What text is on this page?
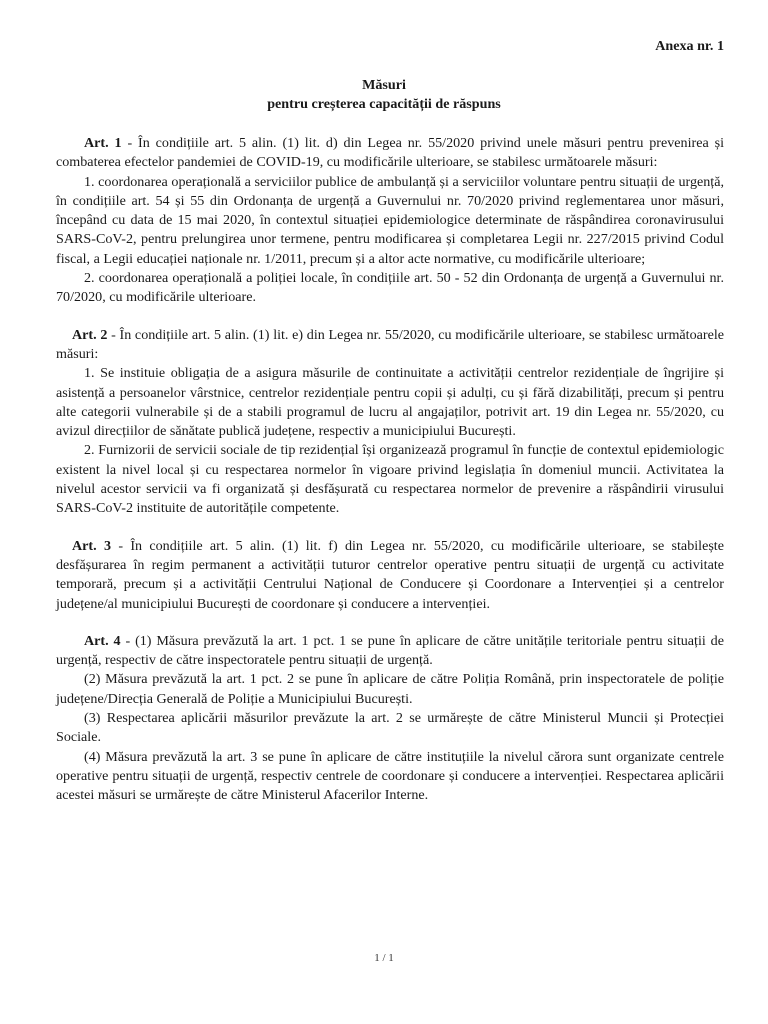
Anexa nr. 1
Măsuri
pentru creșterea capacității de răspuns

Art. 1 - În condițiile art. 5 alin. (1) lit. d) din Legea nr. 55/2020 privind unele măsuri pentru prevenirea și combaterea efectelor pandemiei de COVID-19, cu modificările ulterioare, se stabilesc următoarele măsuri:

1. coordonarea operațională a serviciilor publice de ambulanță și a serviciilor voluntare pentru situații de urgență, în condițiile art. 54 și 55 din Ordonanța de urgență a Guvernului nr. 70/2020 privind reglementarea unor măsuri, începând cu data de 15 mai 2020, în contextul situației epidemiologice determinate de răspândirea coronavirusului SARS-CoV-2, pentru prelungirea unor termene, pentru modificarea și completarea Legii nr. 227/2015 privind Codul fiscal, a Legii educației naționale nr. 1/2011, precum și a altor acte normative, cu modificările ulterioare;

2. coordonarea operațională a poliției locale, în condițiile art. 50 - 52 din Ordonanța de urgență a Guvernului nr. 70/2020, cu modificările ulterioare.

Art. 2 - În condițiile art. 5 alin. (1) lit. e) din Legea nr. 55/2020, cu modificările ulterioare, se stabilesc următoarele măsuri:

1. Se instituie obligația de a asigura măsurile de continuitate a activității centrelor rezidențiale de îngrijire și asistență a persoanelor vârstnice, centrelor rezidențiale pentru copii și adulți, cu și fără dizabilități, precum și pentru alte categorii vulnerabile și de a stabili programul de lucru al angajaților, potrivit art. 19 din Legea nr. 55/2020, cu avizul direcțiilor de sănătate publică județene, respectiv a municipiului București.

2. Furnizorii de servicii sociale de tip rezidențial își organizează programul în funcție de contextul epidemiologic existent la nivel local și cu respectarea normelor în vigoare privind legislația în domeniul muncii. Activitatea la nivelul acestor servicii va fi organizată și desfășurată cu respectarea normelor de prevenire a răspândirii virusului SARS-CoV-2 instituite de autoritățile competente.

Art. 3 - În condițiile art. 5 alin. (1) lit. f) din Legea nr. 55/2020, cu modificările ulterioare, se stabilește desfășurarea în regim permanent a activității tuturor centrelor operative pentru situații de urgență cu activitate temporară, precum și a activității Centrului Național de Conducere și Coordonare a Intervenției și a centrelor județene/al municipiului București de coordonare și conducere a intervenției.

Art. 4 - (1) Măsura prevăzută la art. 1 pct. 1 se pune în aplicare de către unitățile teritoriale pentru situații de urgență, respectiv de către inspectoratele pentru situații de urgență.

(2) Măsura prevăzută la art. 1 pct. 2 se pune în aplicare de către Poliția Română, prin inspectoratele de poliție județene/Direcția Generală de Poliție a Municipiului București.

(3) Respectarea aplicării măsurilor prevăzute la art. 2 se urmărește de către Ministerul Muncii și Protecției Sociale.

(4) Măsura prevăzută la art. 3 se pune în aplicare de către instituțiile la nivelul cărora sunt organizate centrele operative pentru situații de urgență, respectiv centrele de coordonare și conducere a intervenției. Respectarea aplicării acestei măsuri se urmărește de către Ministerul Afacerilor Interne.

1 / 1
